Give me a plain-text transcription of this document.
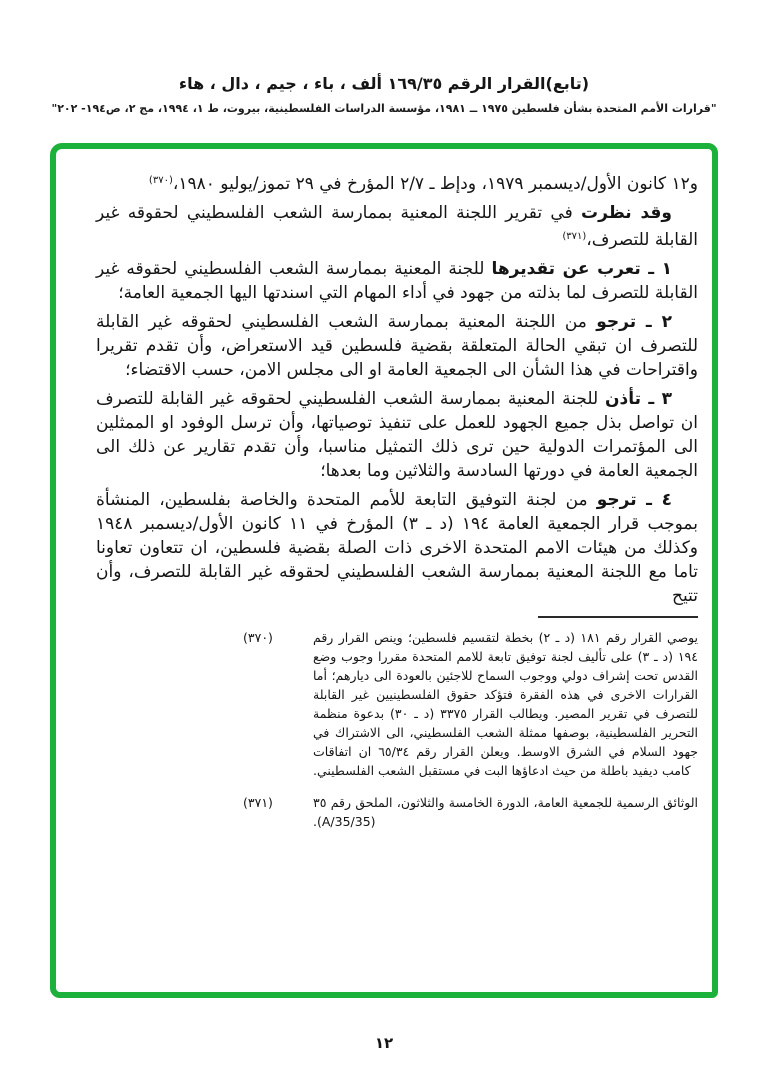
(تابع)القرار الرقم ١٦٩/٣٥ ألف ، باء ، جيم ، دال ، هاء
"قرارات الأمم المتحدة بشأن فلسطين ١٩٧٥ ــ ١٩٨١، مؤسسة الدراسات الفلسطينية، بيروت، ط ١، ١٩٩٤، مج ٢، ص١٩٤- ٢٠٢"

و١٢ كانون الأول/ديسمبر ١٩٧٩، ودإط ـ ٢/٧ المؤرخ في ٢٩ تموز/يوليو ١٩٨٠،$^{(٣٧٠)}$

وقد نظرت في تقرير اللجنة المعنية بممارسة الشعب الفلسطيني لحقوقه غير القابلة للتصرف،$^{(٣٧١)}$

١ ـ تعرب عن تقديرها للجنة المعنية بممارسة الشعب الفلسطيني لحقوقه غير القابلة للتصرف لما بذلته من جهود في أداء المهام التي اسندتها اليها الجمعية العامة؛

٢ ـ ترجو من اللجنة المعنية بممارسة الشعب الفلسطيني لحقوقه غير القابلة للتصرف ان تبقي الحالة المتعلقة بقضية فلسطين قيد الاستعراض، وأن تقدم تقريرا واقتراحات في هذا الشأن الى الجمعية العامة او الى مجلس الامن، حسب الاقتضاء؛

٣ ـ تأذن للجنة المعنية بممارسة الشعب الفلسطيني لحقوقه غير القابلة للتصرف ان تواصل بذل جميع الجهود للعمل على تنفيذ توصياتها، وأن ترسل الوفود او الممثلين الى المؤتمرات الدولية حين ترى ذلك التمثيل مناسبا، وأن تقدم تقارير عن ذلك الى الجمعية العامة في دورتها السادسة والثلاثين وما بعدها؛

٤ ـ ترجو من لجنة التوفيق التابعة للأمم المتحدة والخاصة بفلسطين، المنشأة بموجب قرار الجمعية العامة ١٩٤ (د ـ ٣) المؤرخ في ١١ كانون الأول/ديسمبر ١٩٤٨ وكذلك من هيئات الامم المتحدة الاخرى ذات الصلة بقضية فلسطين، ان تتعاون تعاونا تاما مع اللجنة المعنية بممارسة الشعب الفلسطيني لحقوقه غير القابلة للتصرف، وأن تتيح

(٣٧٠)	يوصي القرار رقم ١٨١ (د ـ ٢) بخطة لتقسيم فلسطين؛ وينص القرار رقم ١٩٤ (د ـ ٣) على تأليف لجنة توفيق تابعة للامم المتحدة مقررا وجوب وضع القدس تحت إشراف دولي ووجوب السماح للاجئين بالعودة الى ديارهم؛ أما القرارات الاخرى في هذه الفقرة فتؤكد حقوق الفلسطينيين غير القابلة للتصرف في تقرير المصير. ويطالب القرار ٣٣٧٥ (د ـ ٣٠) بدعوة منظمة التحرير الفلسطينية، بوصفها ممثلة الشعب الفلسطيني، الى الاشتراك في جهود السلام في الشرق الاوسط. ويعلن القرار رقم ٦٥/٣٤ ان اتفاقات كامب ديفيد باطلة من حيث ادعاؤها البت في مستقبل الشعب الفلسطيني.
(٣٧١)	الوثائق الرسمية للجمعية العامة، الدورة الخامسة والثلاثون، الملحق رقم ٣٥ (A/35/35).
١٢
